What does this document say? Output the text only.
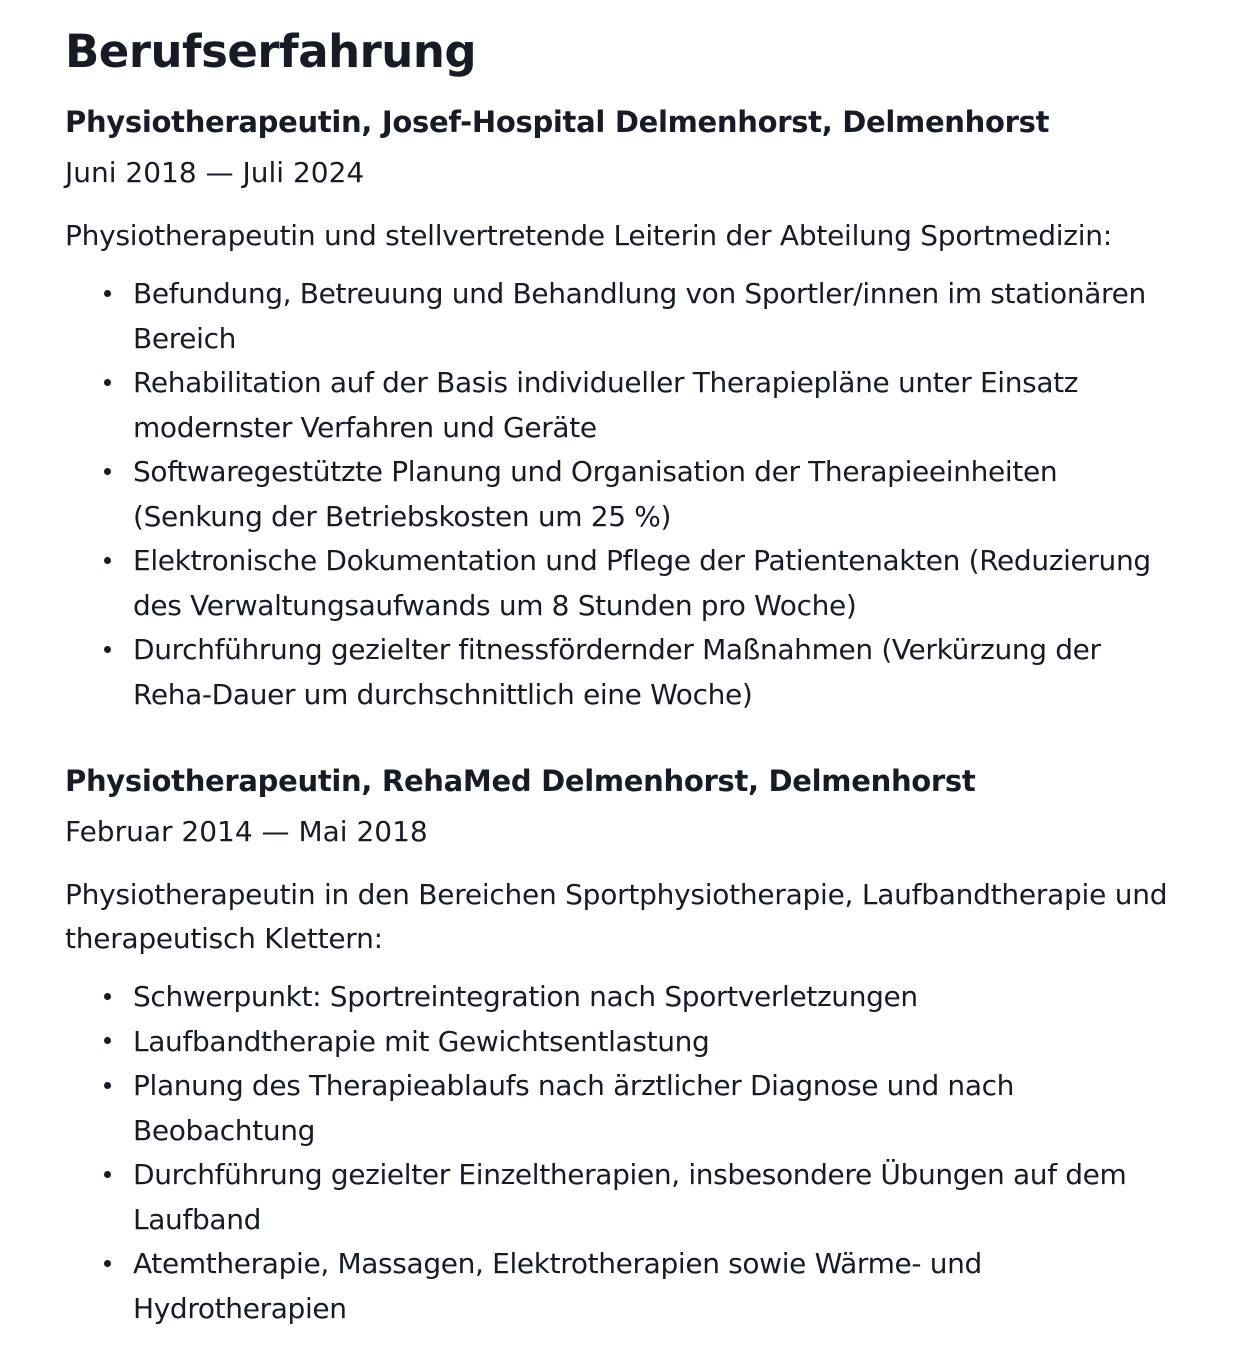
Berufserfahrung
Physiotherapeutin, Josef-Hospital Delmenhorst, Delmenhorst
Juni 2018 — Juli 2024

Physiotherapeutin und stellvertretende Leiterin der Abteilung Sportmedizin:

Befundung, Betreuung und Behandlung von Sportler/innen im stationären Bereich
Rehabilitation auf der Basis individueller Therapiepläne unter Einsatz modernster Verfahren und Geräte
Softwaregestützte Planung und Organisation der Therapieeinheiten (Senkung der Betriebskosten um 25 %)
Elektronische Dokumentation und Pflege der Patientenakten (Reduzierung des Verwaltungsaufwands um 8 Stunden pro Woche)
Durchführung gezielter fitnessfördernder Maßnahmen (Verkürzung der Reha-Dauer um durchschnittlich eine Woche)
Physiotherapeutin, RehaMed Delmenhorst, Delmenhorst
Februar 2014 — Mai 2018

Physiotherapeutin in den Bereichen Sportphysiotherapie, Laufbandtherapie und therapeutisch Klettern:

Schwerpunkt: Sportreintegration nach Sportverletzungen
Laufbandtherapie mit Gewichtsentlastung
Planung des Therapieablaufs nach ärztlicher Diagnose und nach Beobachtung
Durchführung gezielter Einzeltherapien, insbesondere Übungen auf dem Laufband
Atemtherapie, Massagen, Elektrotherapien sowie Wärme- und  Hydrotherapien
